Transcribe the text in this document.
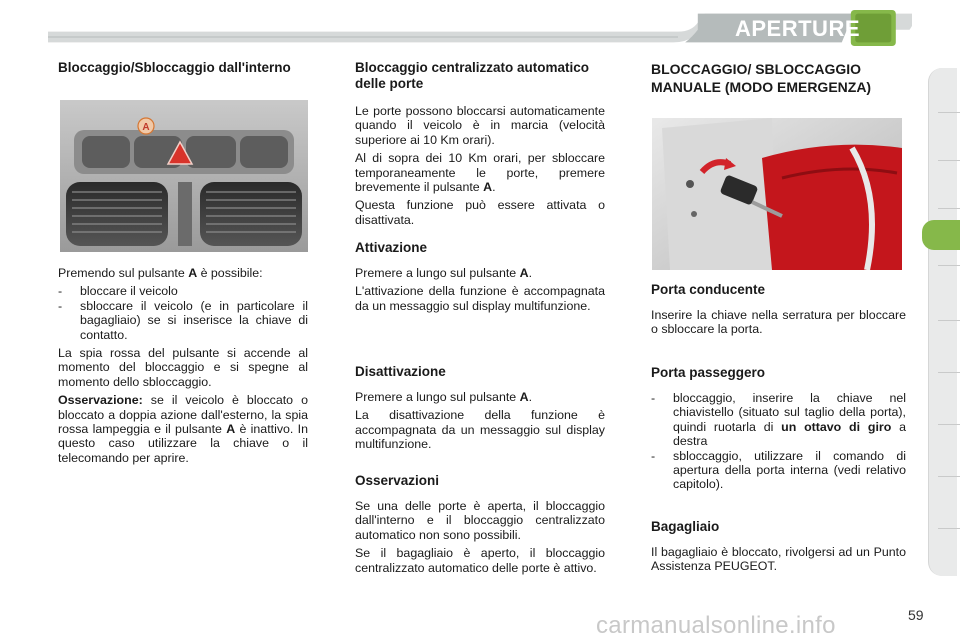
APERTURE 4
Bloccaggio/Sbloccaggio dall'interno
A

Premendo sul pulsante A è possibile:

- bloccare il veicolo
- sbloccare il veicolo (e in particolare il bagagliaio) se si inserisce la chiave di contatto.

La spia rossa del pulsante si accende al momento del bloccaggio e si spegne al momento dello sbloccaggio.

Osservazione: se il veicolo è bloccato o bloccato a doppia azione dall'esterno, la spia rossa lampeggia e il pulsante A è inattivo. In questo caso utilizzare la chiave o il telecomando per aprire.

Bloccaggio centralizzato automatico delle porte

Le porte possono bloccarsi automaticamente quando il veicolo è in marcia (velocità superiore ai 10 Km orari).

Al di sopra dei 10 Km orari, per sbloccare temporaneamente le porte, premere brevemente il pulsante A.

Questa funzione può essere attivata o disattivata.

Attivazione

Premere a lungo sul pulsante A.

L'attivazione della funzione è accompagnata da un messaggio sul display multifunzione.

Disattivazione

Premere a lungo sul pulsante A.

La disattivazione della funzione è accompagnata da un messaggio sul display multifunzione.

Osservazioni

Se una delle porte è aperta, il bloccaggio dall'interno e il bloccaggio centralizzato automatico non sono possibili.

Se il bagagliaio è aperto, il bloccaggio centralizzato automatico delle porte è attivo.

BLOCCAGGIO/ SBLOCCAGGIO MANUALE (MODO EMERGENZA)
Porta conducente

Inserire la chiave nella serratura per bloccare o sbloccare la porta.

Porta passeggero
- bloccaggio, inserire la chiave nel chiavistello (situato sul taglio della porta), quindi ruotarla di un ottavo di giro a destra
- sbloccaggio, utilizzare il comando di apertura della porta interna (vedi relativo capitolo).
Bagagliaio

Il bagagliaio è bloccato, rivolgersi ad un Punto Assistenza PEUGEOT.

carmanualsonline.info	59
